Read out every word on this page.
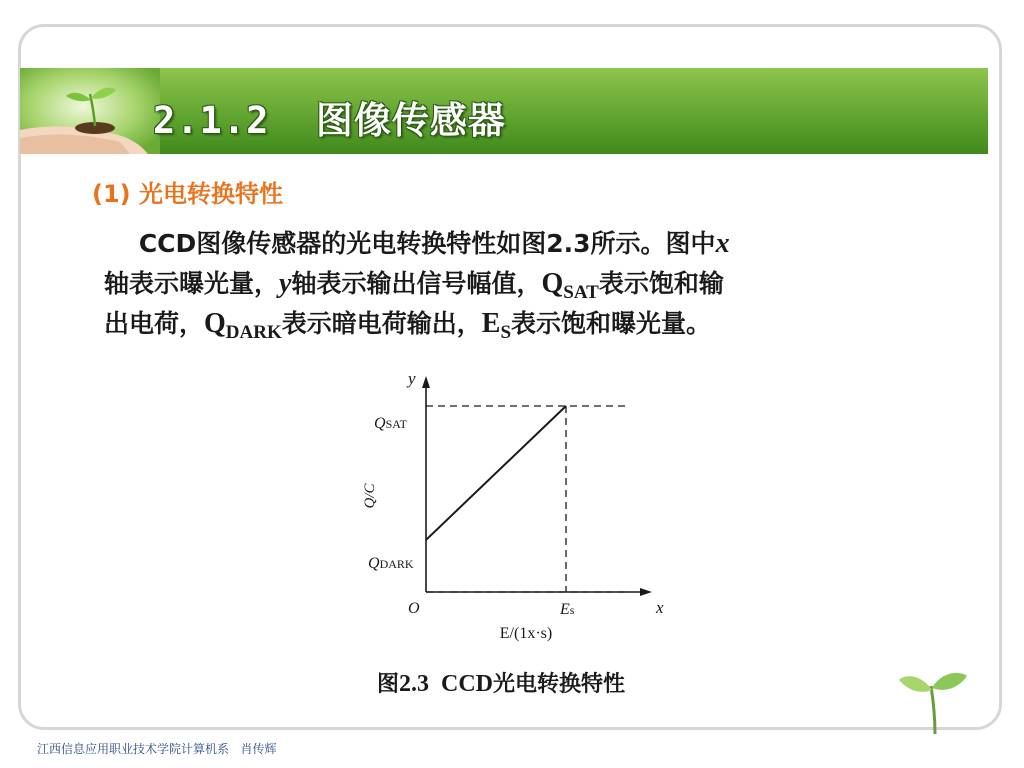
2.1.2  图像传感器
(1) 光电转换特性
CCD图像传感器的光电转换特性如图2.3所示。图中x
轴表示曝光量，y轴表示输出信号幅值，$Q_{SAT}$表示饱和输
出电荷，$Q_{DARK}$表示暗电荷输出，$E_S$表示饱和曝光量。
y
x
O
QSAT
QDARK
Es
Q/C
E/(1x·s)
图2.3  CCD光电转换特性
江西信息应用职业技术学院计算机系   肖传辉
